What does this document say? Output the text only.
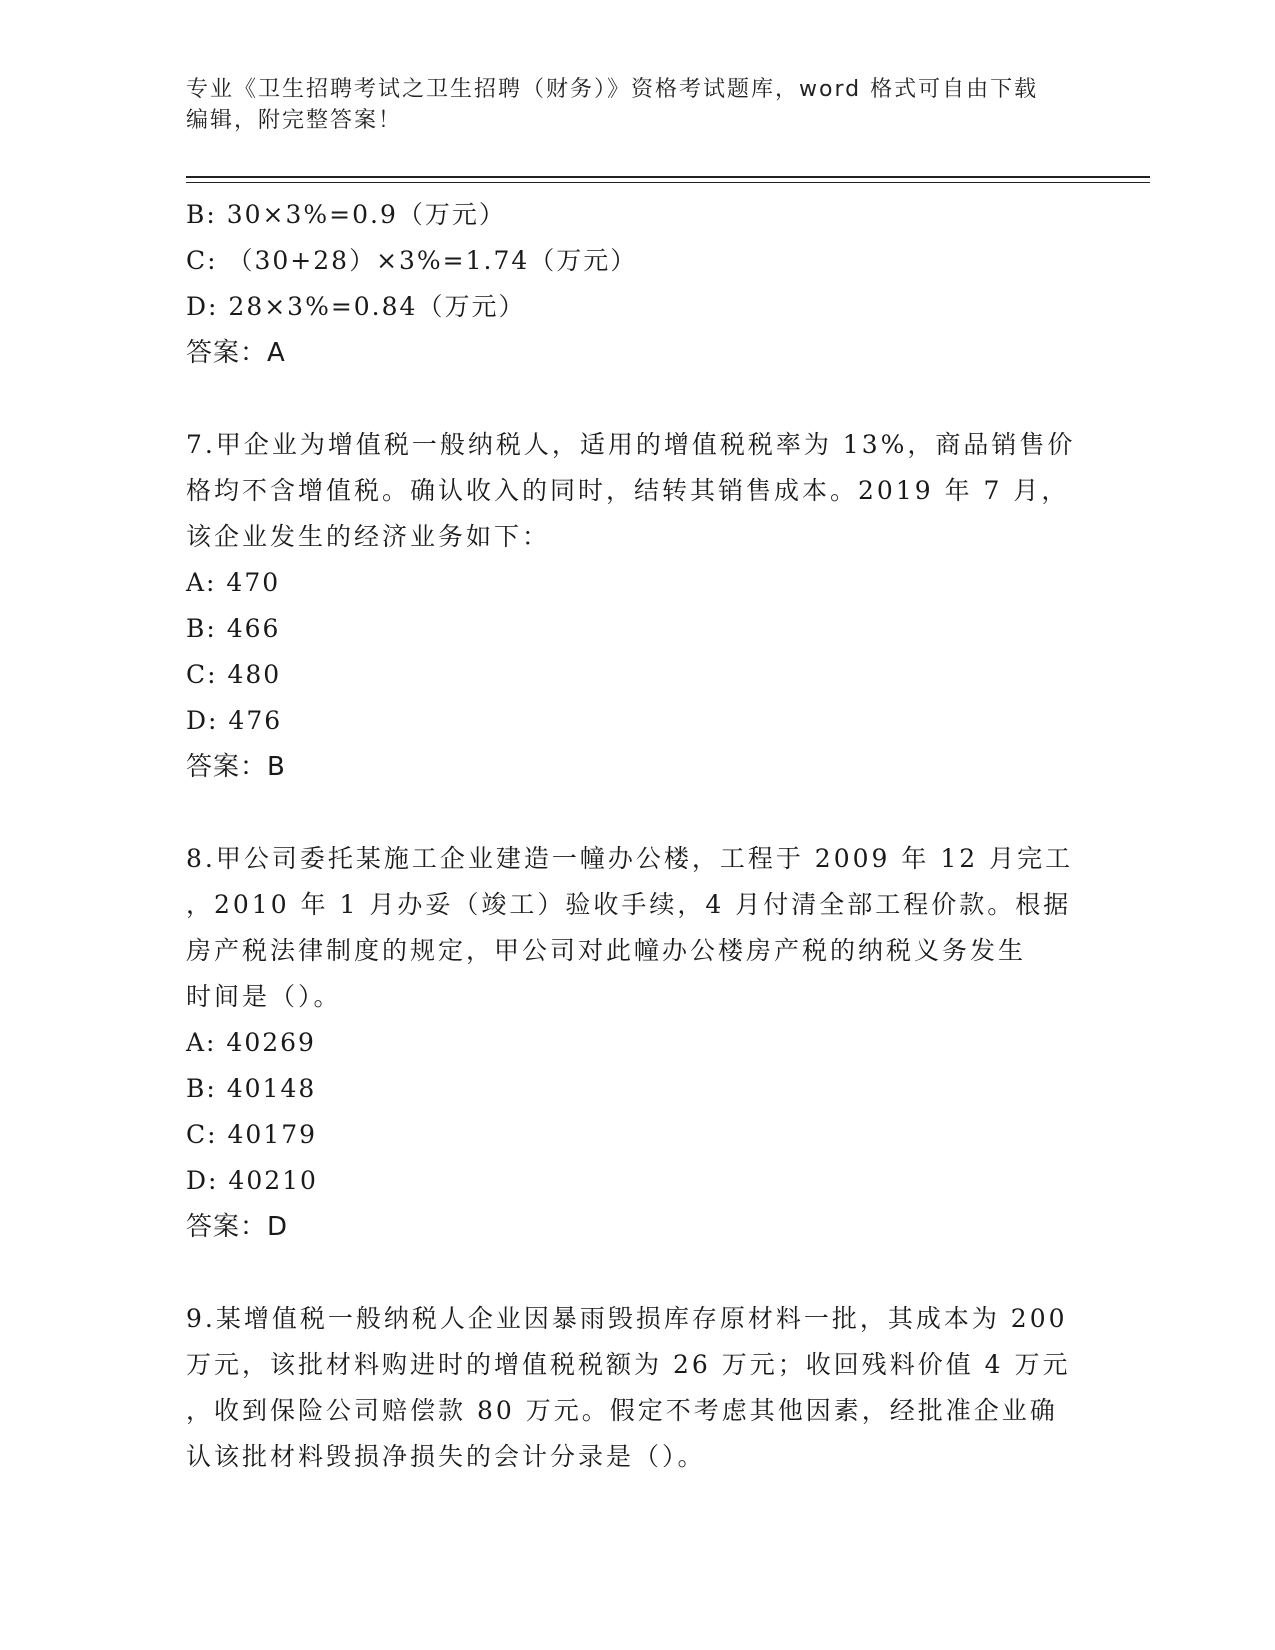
专业《卫生招聘考试之卫生招聘（财务）》资格考试题库，word 格式可自由下载
编辑，附完整答案！
B: 30×3%=0.9（万元）
C: （30+28）×3%=1.74（万元）
D: 28×3%=0.84（万元）
答案：A
7.甲企业为增值税一般纳税人，适用的增值税税率为 13%，商品销售价
格均不含增值税。确认收入的同时，结转其销售成本。2019 年 7 月，
该企业发生的经济业务如下：
A: 470
B: 466
C: 480
D: 476
答案：B
8.甲公司委托某施工企业建造一幢办公楼，工程于 2009 年 12 月完工
，2010 年 1 月办妥（竣工）验收手续，4 月付清全部工程价款。根据
房产税法律制度的规定，甲公司对此幢办公楼房产税的纳税义务发生
时间是（）。
A: 40269
B: 40148
C: 40179
D: 40210
答案：D
9.某增值税一般纳税人企业因暴雨毁损库存原材料一批，其成本为 200
万元，该批材料购进时的增值税税额为 26 万元；收回残料价值 4 万元
，收到保险公司赔偿款 80 万元。假定不考虑其他因素，经批准企业确
认该批材料毁损净损失的会计分录是（）。
